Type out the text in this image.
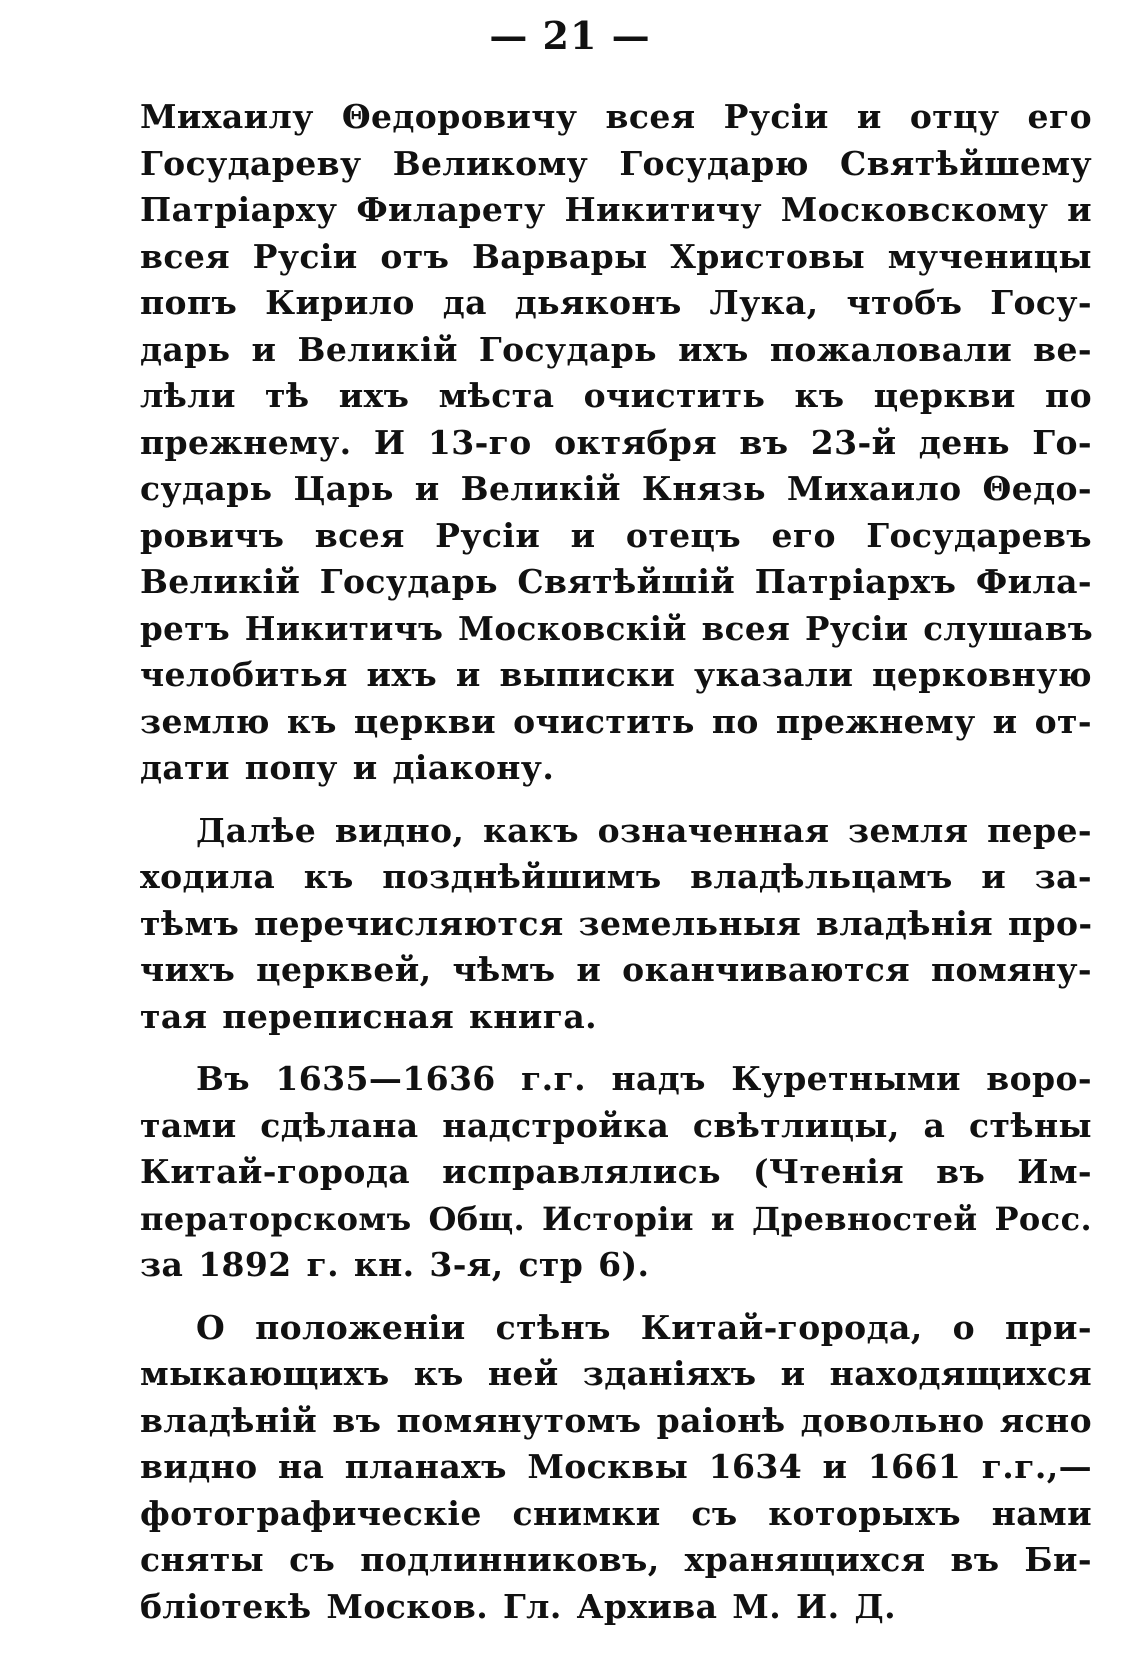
— 21 —

Михаилу Θедоровичу всея Русіи и отцу его
Государеву Великому Государю Святѣйшему
Патріарху Филарету Никитичу Московскому и
всея Русіи отъ Варвары Христовы мученицы
попъ Кирило да дьяконъ Лука, чтобъ Госу-
дарь и Великій Государь ихъ пожаловали ве-
лѣли тѣ ихъ мѣста очистить къ церкви по
прежнему. И 13-го октября въ 23-й день Го-
сударь Царь и Великій Князь Михаило Θедо-
ровичъ всея Русіи и отецъ его Государевъ
Великій Государь Святѣйшій Патріархъ Фила-
ретъ Никитичъ Московскій всея Русіи слушавъ
челобитья ихъ и выписки указали церковную
землю къ церкви очистить по прежнему и от-
дати попу и діакону.

Далѣе видно, какъ означенная земля пере-
ходила къ позднѣйшимъ владѣльцамъ и за-
тѣмъ перечисляются земельныя владѣнія про-
чихъ церквей, чѣмъ и оканчиваются помяну-
тая переписная книга.

Въ 1635—1636 г.г. надъ Куретными воро-
тами сдѣлана надстройка свѣтлицы, а стѣны
Китай-города исправлялись (Чтенія въ Им-
ператорскомъ Общ. Исторіи и Древностей Росс.
за 1892 г. кн. 3-я, стр 6).

О положеніи стѣнъ Китай-города, о при-
мыкающихъ къ ней зданіяхъ и находящихся
владѣній въ помянутомъ раіонѣ довольно ясно
видно на планахъ Москвы 1634 и 1661 г.г.,—
фотографическіе снимки съ которыхъ нами
сняты съ подлинниковъ, хранящихся въ Би-
бліотекѣ Москов. Гл. Архива М. И. Д.
